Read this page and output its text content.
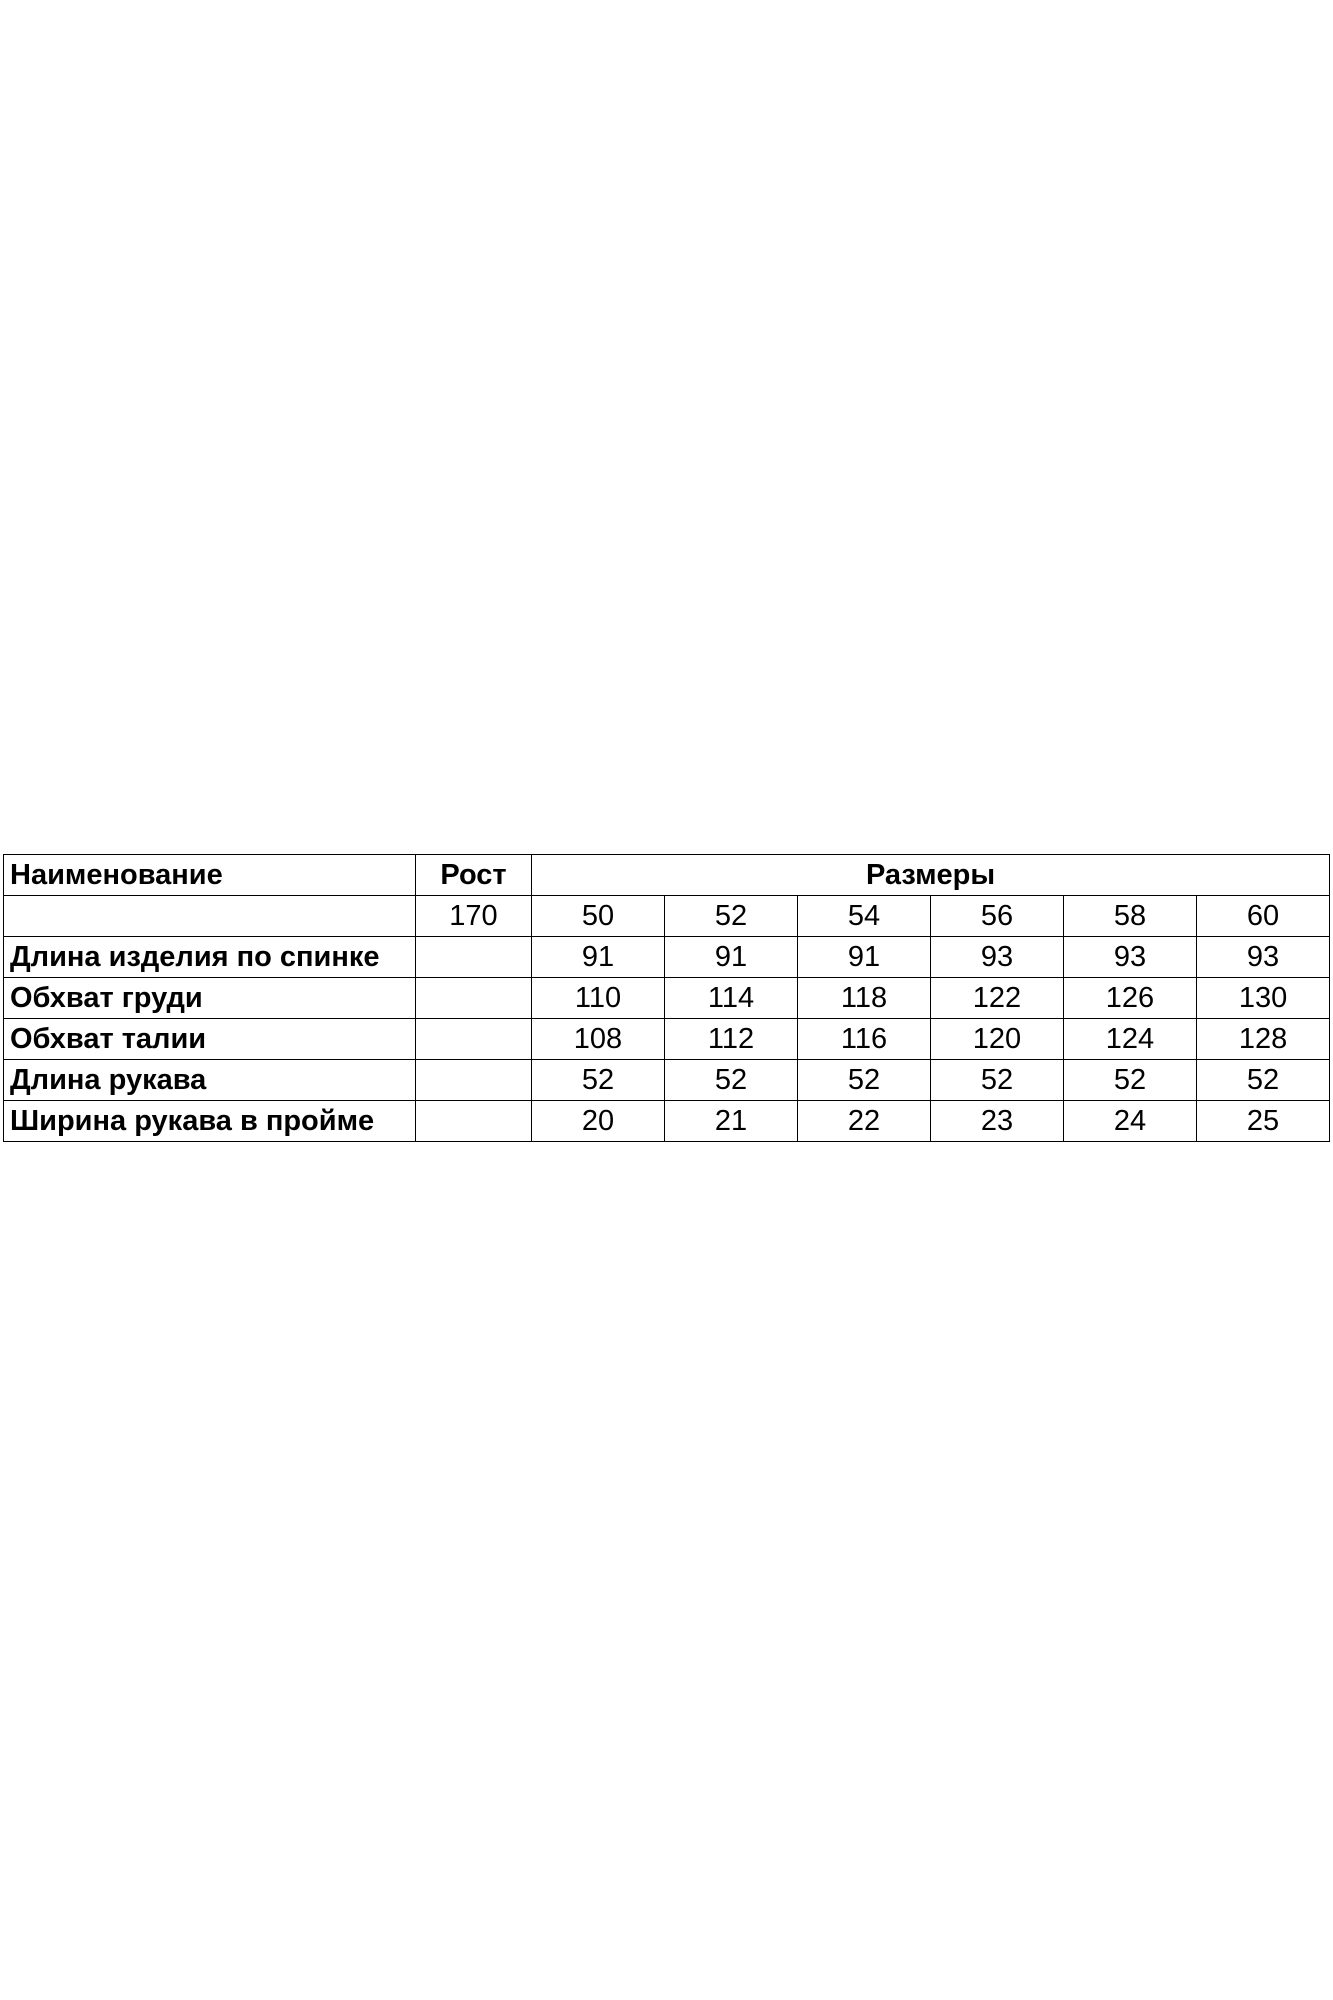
Наименование	Рост	Размеры					
	170	50	52	54	56	58	60
Длина изделия по спинке		91	91	91	93	93	93
Обхват груди		110	114	118	122	126	130
Обхват талии		108	112	116	120	124	128
Длина рукава		52	52	52	52	52	52
Ширина рукава в пройме		20	21	22	23	24	25
